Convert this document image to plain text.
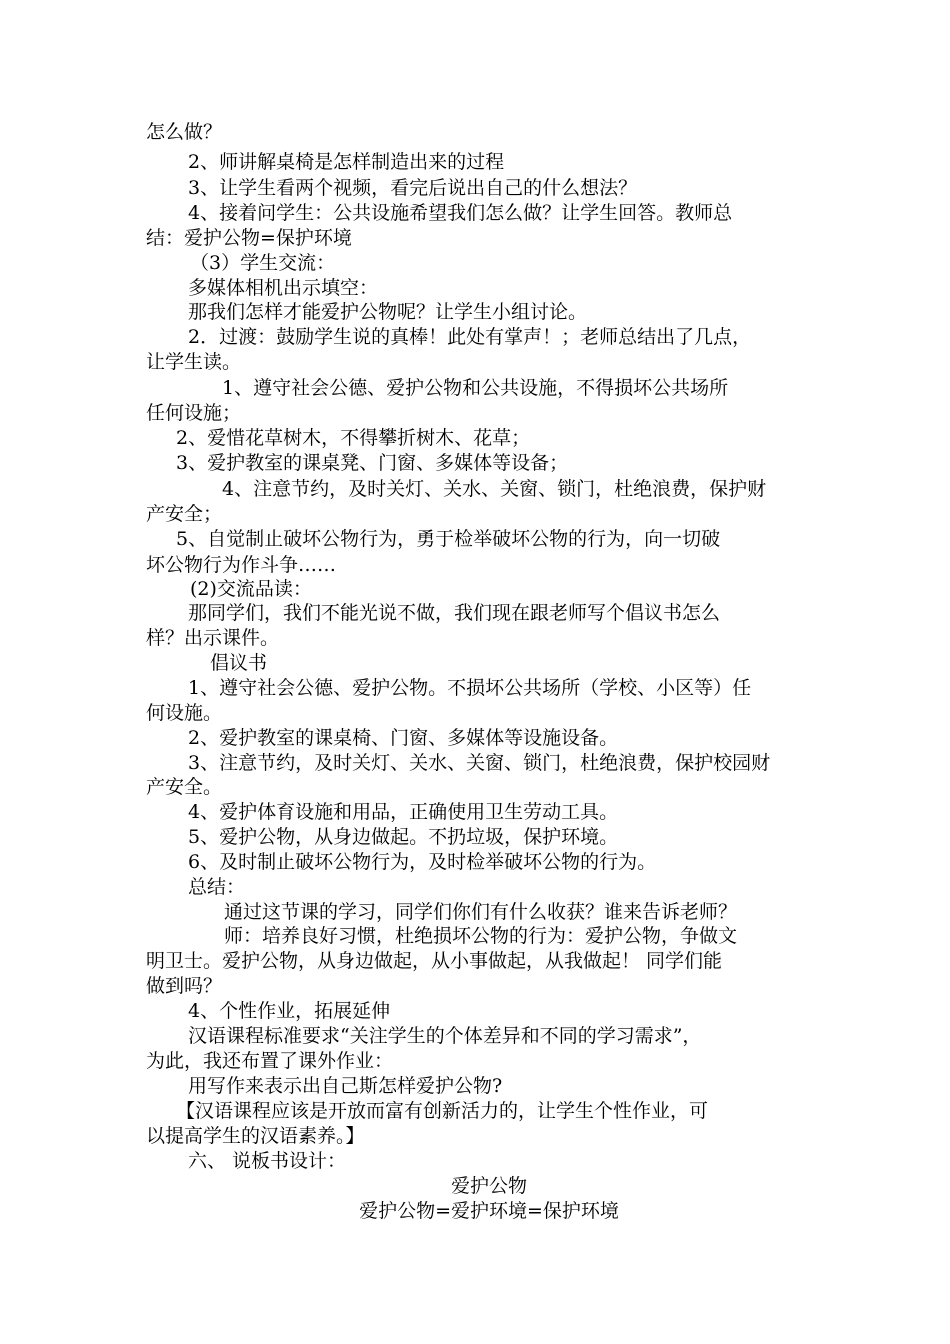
怎么做？

2、师讲解桌椅是怎样制造出来的过程

3、让学生看两个视频，看完后说出自己的什么想法？

4、接着问学生：公共设施希望我们怎么做？让学生回答。教师总

结：爱护公物=保护环境

（3）学生交流：

多媒体相机出示填空：

那我们怎样才能爱护公物呢？让学生小组讨论。

2．过渡：鼓励学生说的真棒！此处有掌声！；老师总结出了几点，

让学生读。

1、遵守社会公德、爱护公物和公共设施，不得损坏公共场所

任何设施；

2、爱惜花草树木，不得攀折树木、花草；

3、爱护教室的课桌凳、门窗、多媒体等设备；

4、注意节约，及时关灯、关水、关窗、锁门，杜绝浪费，保护财

产安全；

5、自觉制止破坏公物行为，勇于检举破坏公物的行为，向一切破

坏公物行为作斗争……

(2)交流品读：

那同学们，我们不能光说不做，我们现在跟老师写个倡议书怎么

样？出示课件。

倡议书

1、遵守社会公德、爱护公物。不损坏公共场所（学校、小区等）任

何设施。

2、爱护教室的课桌椅、门窗、多媒体等设施设备。

3、注意节约，及时关灯、关水、关窗、锁门，杜绝浪费，保护校园财

产安全。

4、爱护体育设施和用品，正确使用卫生劳动工具。

5、爱护公物，从身边做起。不扔垃圾，保护环境。

6、及时制止破坏公物行为，及时检举破坏公物的行为。

总结：

通过这节课的学习，同学们你们有什么收获？谁来告诉老师？

师：培养良好习惯，杜绝损坏公物的行为：爱护公物，争做文

明卫士。爱护公物，从身边做起，从小事做起，从我做起！ 同学们能

做到吗？

4、个性作业，拓展延伸

汉语课程标准要求“关注学生的个体差异和不同的学习需求”，

为此，我还布置了课外作业：

用写作来表示出自己斯怎样爱护公物?

【汉语课程应该是开放而富有创新活力的，让学生个性作业，可

以提高学生的汉语素养。】

六、 说板书设计：

爱护公物

爱护公物=爱护环境=保护环境
